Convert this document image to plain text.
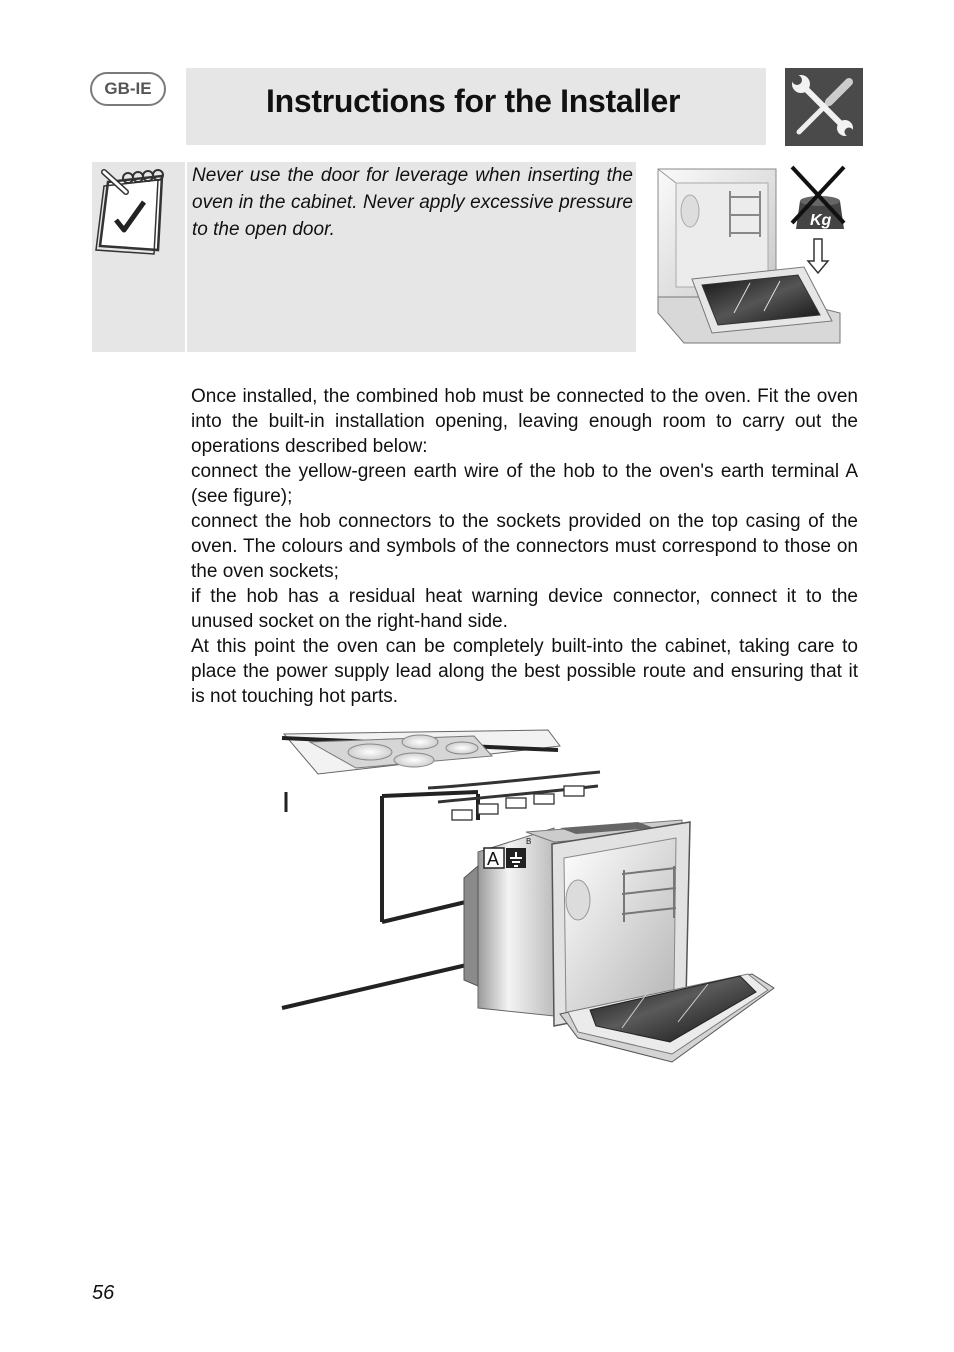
GB-IE	Instructions for the Installer
Never use the door for leverage when inserting the oven in the cabinet. Never apply excessive pressure to the open door.	Kg

Once installed, the combined hob must be connected to the oven. Fit the oven into the built-in installation opening, leaving enough room to carry out the operations described below:

connect the yellow-green earth wire of the hob to the oven's earth terminal A (see figure);

connect the hob connectors to the sockets provided on the top casing of the oven. The colours and symbols of the connectors must correspond to those on the oven sockets;

if the hob has a residual heat warning device connector, connect it to the unused socket on the right-hand side.

At this point the oven can be completely built-into the cabinet, taking care to place the power supply lead along the best possible route and ensuring that it is not touching hot parts.

A
B
56
